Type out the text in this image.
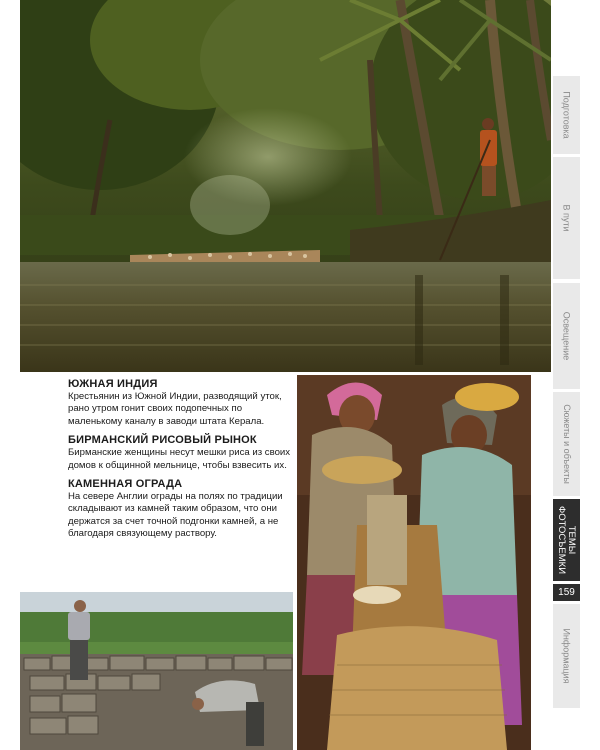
ЮЖНАЯ ИНДИЯ
Крестьянин из Южной Индии, разводящий уток, рано утром гонит своих подопечных по маленькому каналу в заводи штата Керала.
БИРМАНСКИЙ РИСОВЫЙ РЫНОК
Бирманские женщины несут мешки риса из своих домов к общинной мельнице, чтобы взвесить их.
КАМЕННАЯ ОГРАДА
На севере Англии ограды на полях по традиции складывают из камней таким образом, что они держатся за счет точной подгонки камней, а не благодаря связующему раствору.
Подготовка
В пути
Освещение
Сюжеты и объекты
ТЕМЫ
ФОТОСЪЕМКИ
159
Информация
